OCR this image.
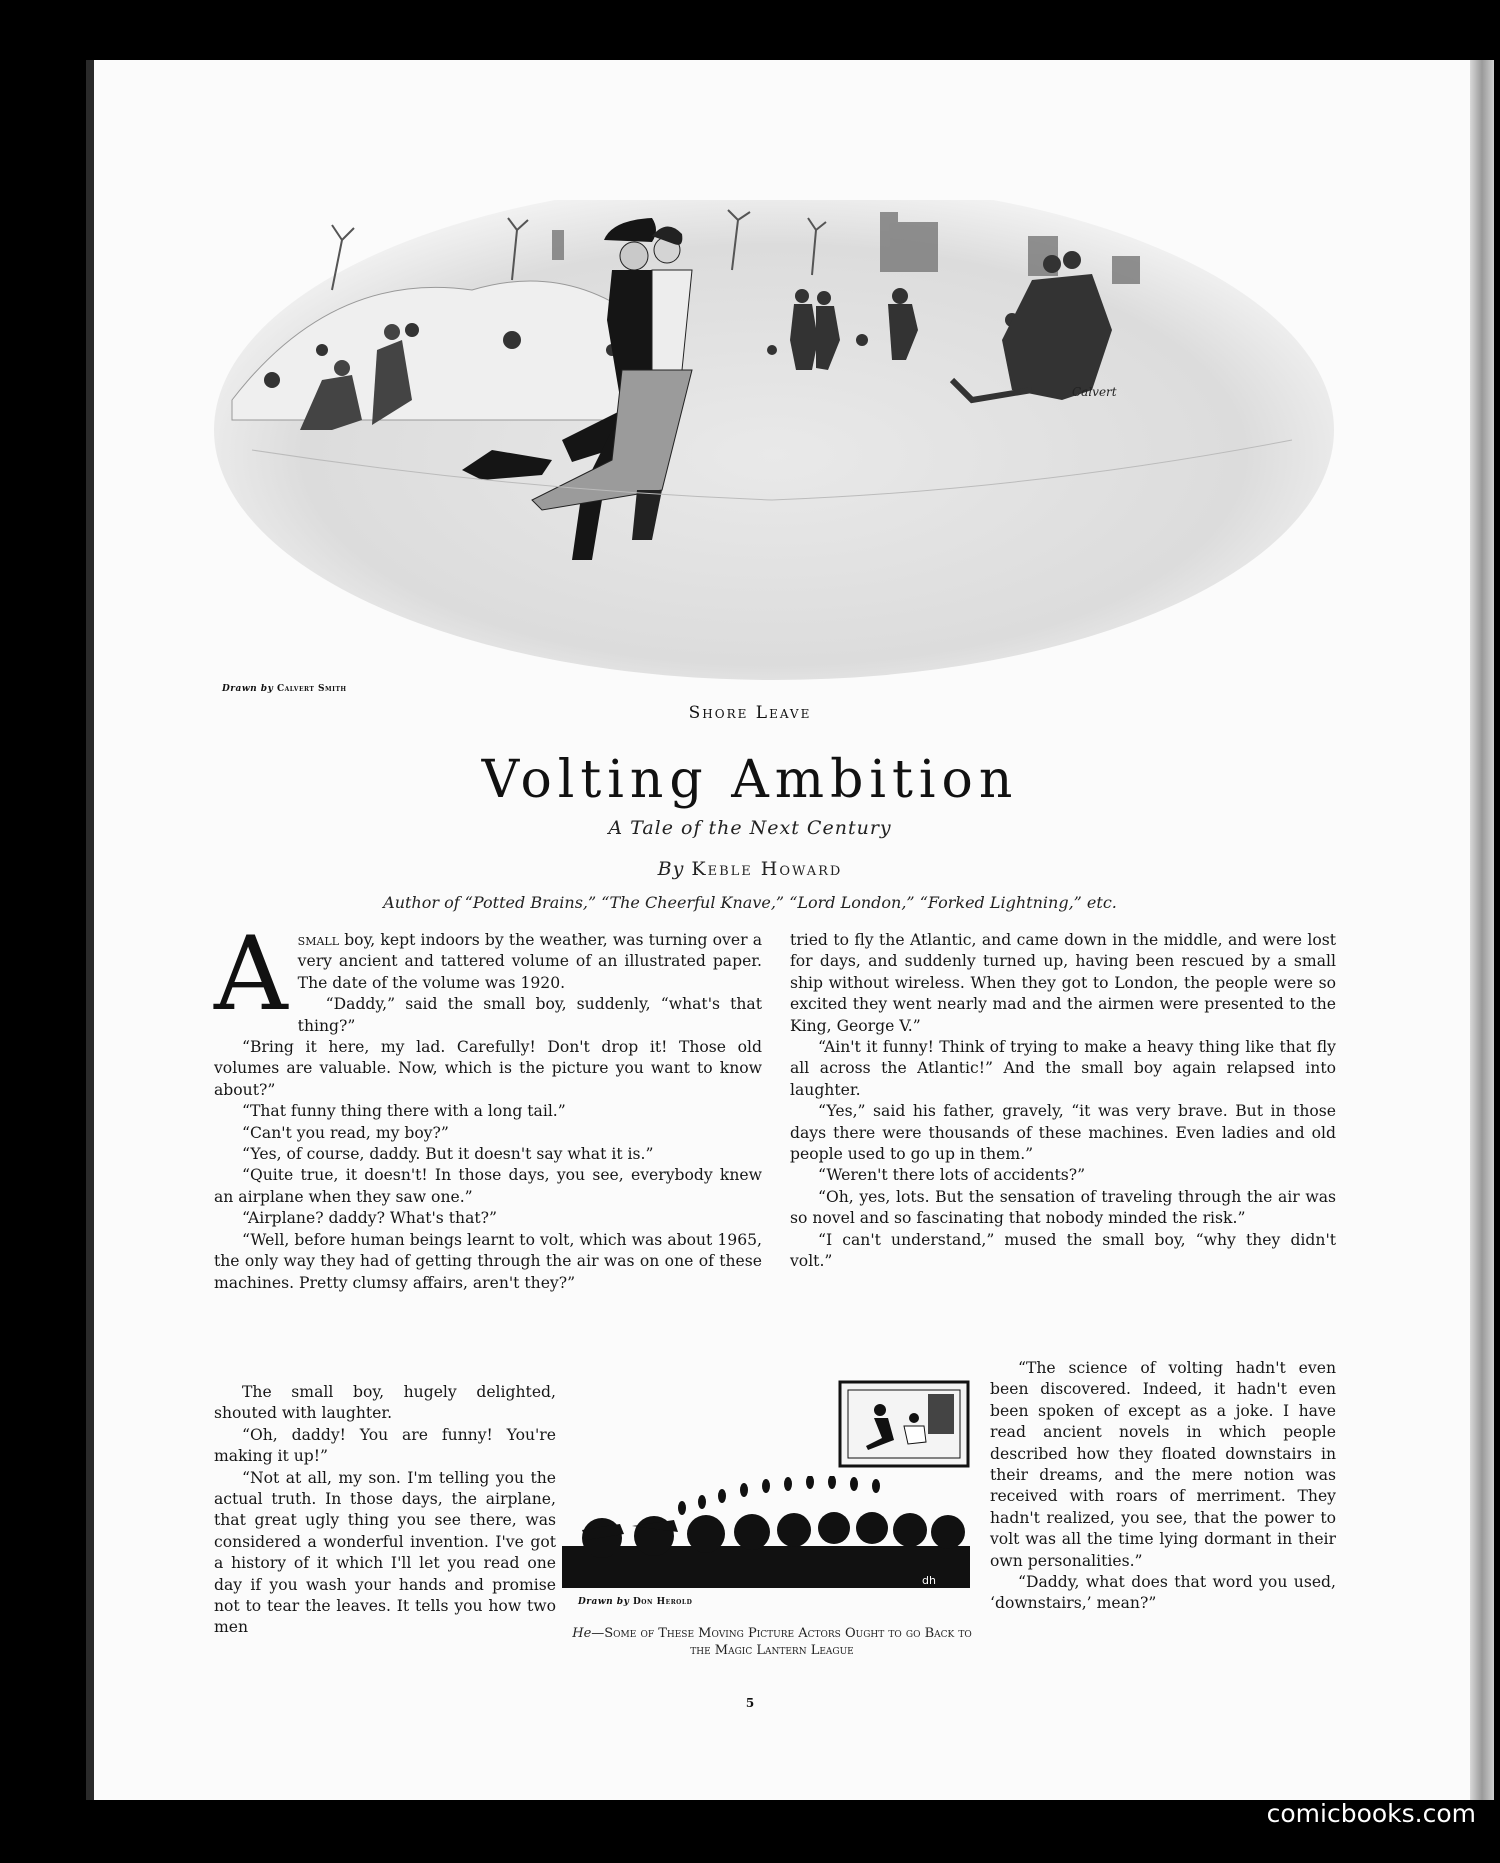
Calvert
Drawn by Calvert Smith
Shore Leave
Volting Ambition
A Tale of the Next Century
By Keble Howard
Author of “Potted Brains,” “The Cheerful Knave,” “Lord London,” “Forked Lightning,” etc.

Asmall boy, kept indoors by the weather, was turning over a very ancient and tattered volume of an illustrated paper. The date of the volume was 1920.

“Daddy,” said the small boy, suddenly, “what's that thing?”

“Bring it here, my lad. Carefully! Don't drop it! Those old volumes are valuable. Now, which is the picture you want to know about?”

“That funny thing there with a long tail.”

“Can't you read, my boy?”

“Yes, of course, daddy. But it doesn't say what it is.”

“Quite true, it doesn't! In those days, you see, everybody knew an airplane when they saw one.”

“Airplane? daddy? What's that?”

“Well, before human beings learnt to volt, which was about 1965, the only way they had of getting through the air was on one of these machines. Pretty clumsy affairs, aren't they?”

The small boy, hugely delighted, shouted with laughter.

“Oh, daddy! You are funny! You're making it up!”

“Not at all, my son. I'm telling you the actual truth. In those days, the airplane, that great ugly thing you see there, was considered a wonderful invention. I've got a history of it which I'll let you read one day if you wash your hands and promise not to tear the leaves. It tells you how two men

tried to fly the Atlantic, and came down in the middle, and were lost for days, and suddenly turned up, having been rescued by a small ship without wireless. When they got to London, the people were so excited they went nearly mad and the airmen were presented to the King, George V.”

“Ain't it funny! Think of trying to make a heavy thing like that fly all across the Atlantic!” And the small boy again relapsed into laughter.

“Yes,” said his father, gravely, “it was very brave. But in those days there were thousands of these machines. Even ladies and old people used to go up in them.”

“Weren't there lots of accidents?”

“Oh, yes, lots. But the sensation of traveling through the air was so novel and so fascinating that nobody minded the risk.”

“I can't understand,” mused the small boy, “why they didn't volt.”

“The science of volting hadn't even been discovered. Indeed, it hadn't even been spoken of except as a joke. I have read ancient novels in which people described how they floated downstairs in their dreams, and the mere notion was received with roars of merriment. They hadn't realized, you see, that the power to volt was all the time lying dormant in their own personalities.”

“Daddy, what does that word you used, ‘downstairs,’ mean?”

dh
Drawn by Don Herold
He—Some of These Moving Picture Actors Ought to go Back to the Magic Lantern League
5
comicbooks.com
